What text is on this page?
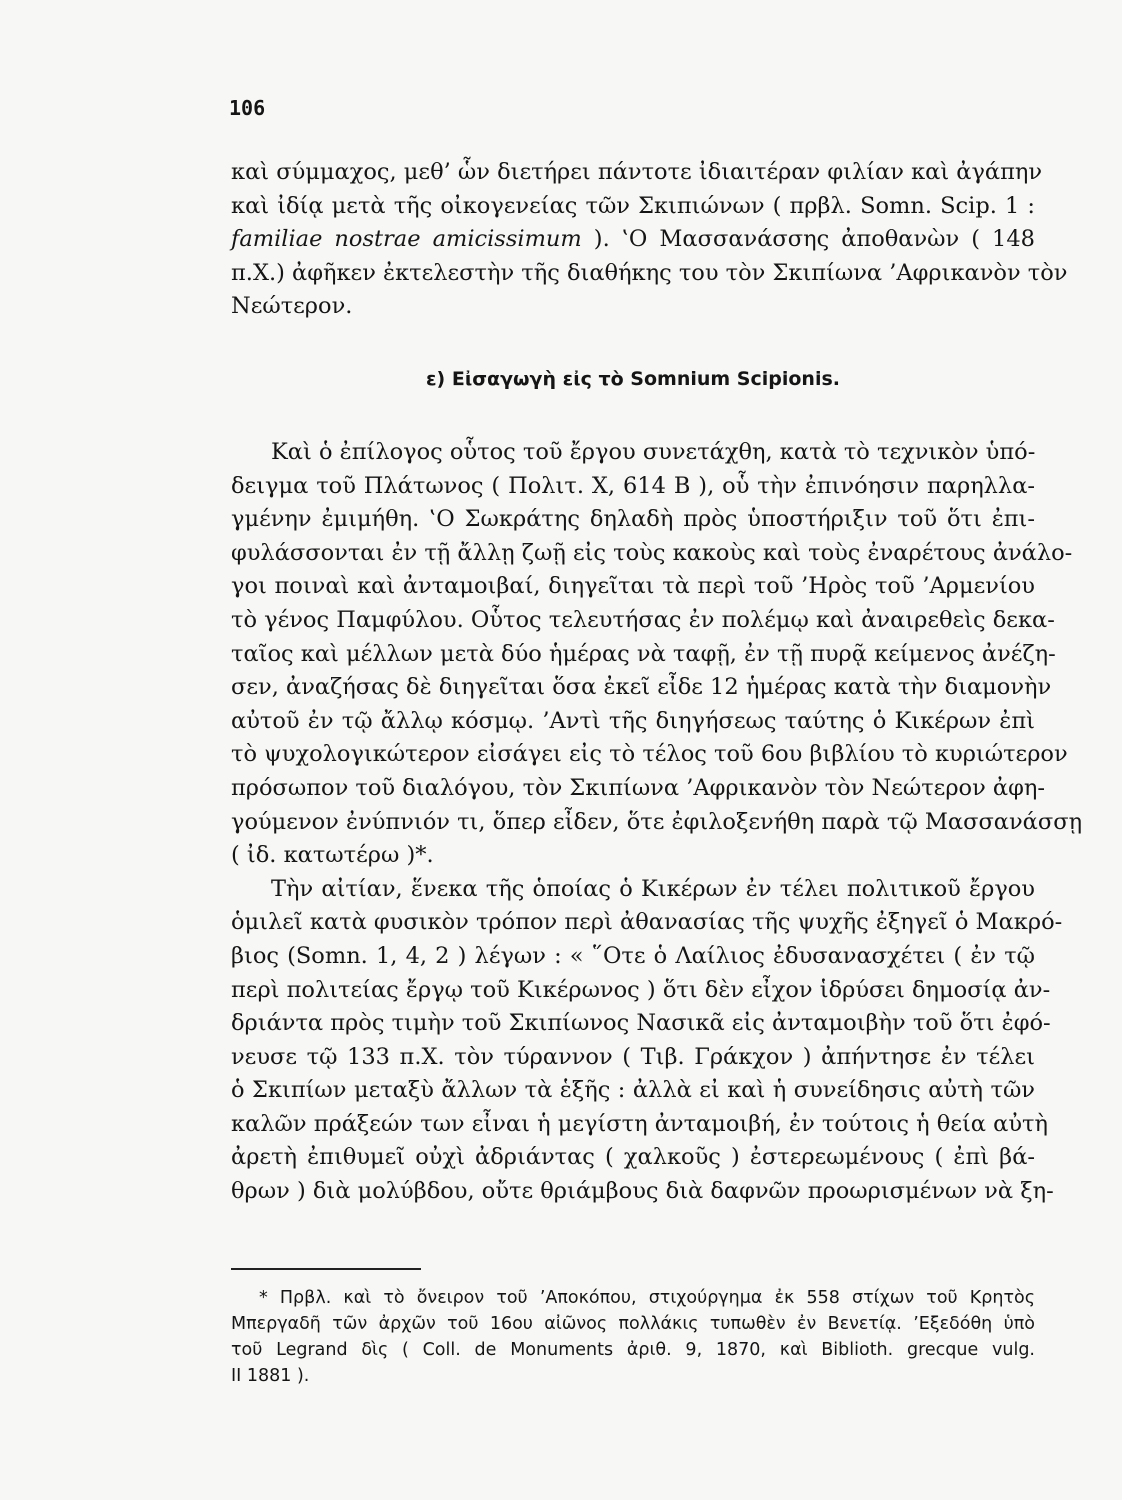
106
καὶ σύμμαχος, μεθ’ ὧν διετήρει πάντοτε ἰδιαιτέραν φιλίαν καὶ ἀγάπην
καὶ ἰδίᾳ μετὰ τῆς οἰκογενείας τῶν Σκιπιώνων ( πρβλ. Somn. Scip. 1 :
familiae nostrae amicissimum ). ‛Ο Μασσανάσσης ἀποθανὼν ( 148
π.Χ.) ἀφῆκεν ἐκτελεστὴν τῆς διαθήκης του τὸν Σκιπίωνα ’Αφρικανὸν τὸν
Νεώτερον.
ε) Εἰσαγωγὴ εἰς τὸ Somnium Scipionis.
Καὶ ὁ ἐπίλογος οὗτος τοῦ ἔργου συνετάχθη, κατὰ τὸ τεχνικὸν ὑπό-
δειγμα τοῦ Πλάτωνος ( Πολιτ. Χ, 614 Β ), οὗ τὴν ἐπινόησιν παρηλλα-
γμένην ἐμιμήθη. ‛Ο Σωκράτης δηλαδὴ πρὸς ὑποστήριξιν τοῦ ὅτι ἐπι-
φυλάσσονται ἐν τῇ ἄλλῃ ζωῇ εἰς τοὺς κακοὺς καὶ τοὺς ἐναρέτους ἀνάλο-
γοι ποιναὶ καὶ ἀνταμοιβαί, διηγεῖται τὰ περὶ τοῦ ’Ηρὸς τοῦ ’Αρμενίου
τὸ γένος Παμφύλου. Οὗτος τελευτήσας ἐν πολέμῳ καὶ ἀναιρεθεὶς δεκα-
ταῖος καὶ μέλλων μετὰ δύο ἡμέρας νὰ ταφῇ, ἐν τῇ πυρᾷ κείμενος ἀνέζη-
σεν, ἀναζήσας δὲ διηγεῖται ὅσα ἐκεῖ εἶδε 12 ἡμέρας κατὰ τὴν διαμονὴν
αὐτοῦ ἐν τῷ ἄλλῳ κόσμῳ. ’Αντὶ τῆς διηγήσεως ταύτης ὁ Κικέρων ἐπὶ
τὸ ψυχολογικώτερον εἰσάγει εἰς τὸ τέλος τοῦ 6ου βιβλίου τὸ κυριώτερον
πρόσωπον τοῦ διαλόγου, τὸν Σκιπίωνα ’Αφρικανὸν τὸν Νεώτερον ἀφη-
γούμενον ἐνύπνιόν τι, ὅπερ εἶδεν, ὅτε ἐφιλοξενήθη παρὰ τῷ Μασσανάσσῃ
( ἰδ. κατωτέρω )*.
Τὴν αἰτίαν, ἕνεκα τῆς ὁποίας ὁ Κικέρων ἐν τέλει πολιτικοῦ ἔργου
ὁμιλεῖ κατὰ φυσικὸν τρόπον περὶ ἀθανασίας τῆς ψυχῆς ἐξηγεῖ ὁ Μακρό-
βιος (Somn. 1, 4, 2 ) λέγων : « ῞Οτε ὁ Λαίλιος ἐδυσανασχέτει ( ἐν τῷ
περὶ πολιτείας ἔργῳ τοῦ Κικέρωνος ) ὅτι δὲν εἶχον ἱδρύσει δημοσίᾳ ἀν-
δριάντα πρὸς τιμὴν τοῦ Σκιπίωνος Νασικᾶ εἰς ἀνταμοιβὴν τοῦ ὅτι ἐφό-
νευσε τῷ 133 π.Χ. τὸν τύραννον ( Τιβ. Γράκχον ) ἀπήντησε ἐν τέλει
ὁ Σκιπίων μεταξὺ ἄλλων τὰ ἑξῆς : ἀλλὰ εἰ καὶ ἡ συνείδησις αὐτὴ τῶν
καλῶν πράξεών των εἶναι ἡ μεγίστη ἀνταμοιβή, ἐν τούτοις ἡ θεία αὐτὴ
ἀρετὴ ἐπιθυμεῖ οὐχὶ ἀδριάντας ( χαλκοῦς ) ἐστερεωμένους ( ἐπὶ βά-
θρων ) διὰ μολύβδου, οὔτε θριάμβους διὰ δαφνῶν προωρισμένων νὰ ξη-
* Πρβλ. καὶ τὸ ὄνειρον τοῦ ’Αποκόπου, στιχούργημα ἐκ 558 στίχων τοῦ Κρητὸς
Μπεργαδῆ τῶν ἀρχῶν τοῦ 16ου αἰῶνος πολλάκις τυπωθὲν ἐν Βενετίᾳ. ’Εξεδόθη ὑπὸ
τοῦ Legrand δὶς ( Coll. de Monuments ἀριθ. 9, 1870, καὶ Biblioth. grecque vulg.
II 1881 ).
